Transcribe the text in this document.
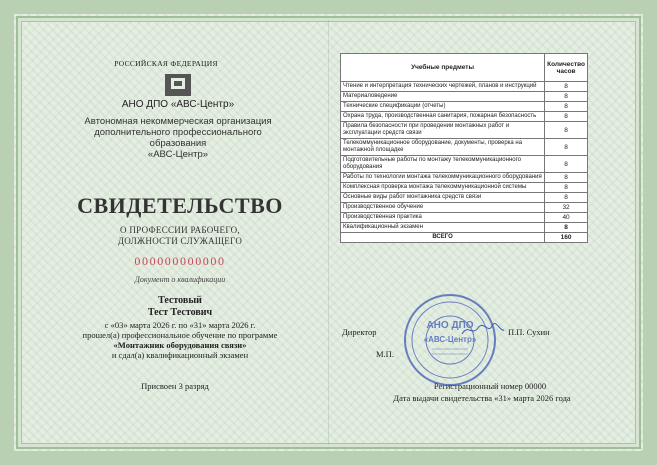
РОССИЙСКАЯ ФЕДЕРАЦИЯ
АНО ДПО «АВС-Центр»
Автономная некоммерческая организация
дополнительного профессионального образования
«АВС-Центр»
СВИДЕТЕЛЬСТВО
О ПРОФЕССИИ РАБОЧЕГО,
ДОЛЖНОСТИ СЛУЖАЩЕГО
000000000000
Документ о квалификации
Тестовый
Тест Тестович
с «03» марта 2026 г. по «31» марта 2026 г.
прошел(а) профессиональное обучение по программе
«Монтажник оборудования связи»
и сдал(а) квалификационный экзамен
Присвоен 3 разряд
Учебные предметы	Количество часов
Чтение и интерпретация технических чертежей, планов и инструкций	8
Материаловедение	8
Технические спецификации (отчеты)	8
Охрана труда, производственная санитария, пожарная безопасность	8
Правила безопасности при проведении монтажных работ и эксплуатации средств связи	8
Телекоммуникационное оборудование, документы, проверка на монтажной площадке	8
Подготовительные работы по монтажу телекоммуникационного оборудования	8
Работы по технологии монтажа телекоммуникационного оборудования	8
Комплексная проверка монтажа телекоммуникационной системы	8
Основные виды работ монтажника средств связи	8
Производственное обучение	32
Производственная практика	40
Квалификационный экзамен	8
ВСЕГО	160
АНО ДПО
«АВС-Центр»
Директор	П.П. Сухин
М.П.
Регистрационный номер 00000
Дата выдачи свидетельства «31» марта 2026 года
